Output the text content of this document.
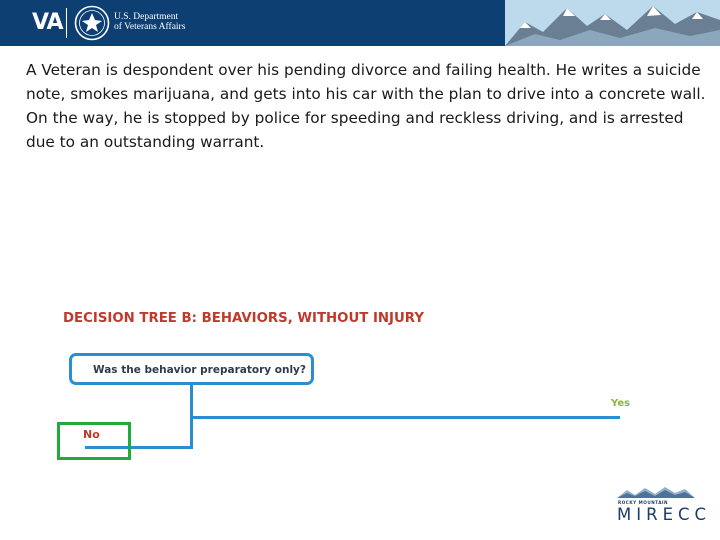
VA	U.S. Department
of Veterans Affairs

A Veteran is despondent over his pending divorce and failing health. He writes a suicide note, smokes marijuana, and gets into his car with the plan to drive into a concrete wall. On the way, he is stopped by police for speeding and reckless driving, and is arrested due to an outstanding warrant.

DECISION TREE B: BEHAVIORS, WITHOUT INJURY
Was the behavior preparatory only?
Yes
No
ROCKY MOUNTAIN
MIRECC
